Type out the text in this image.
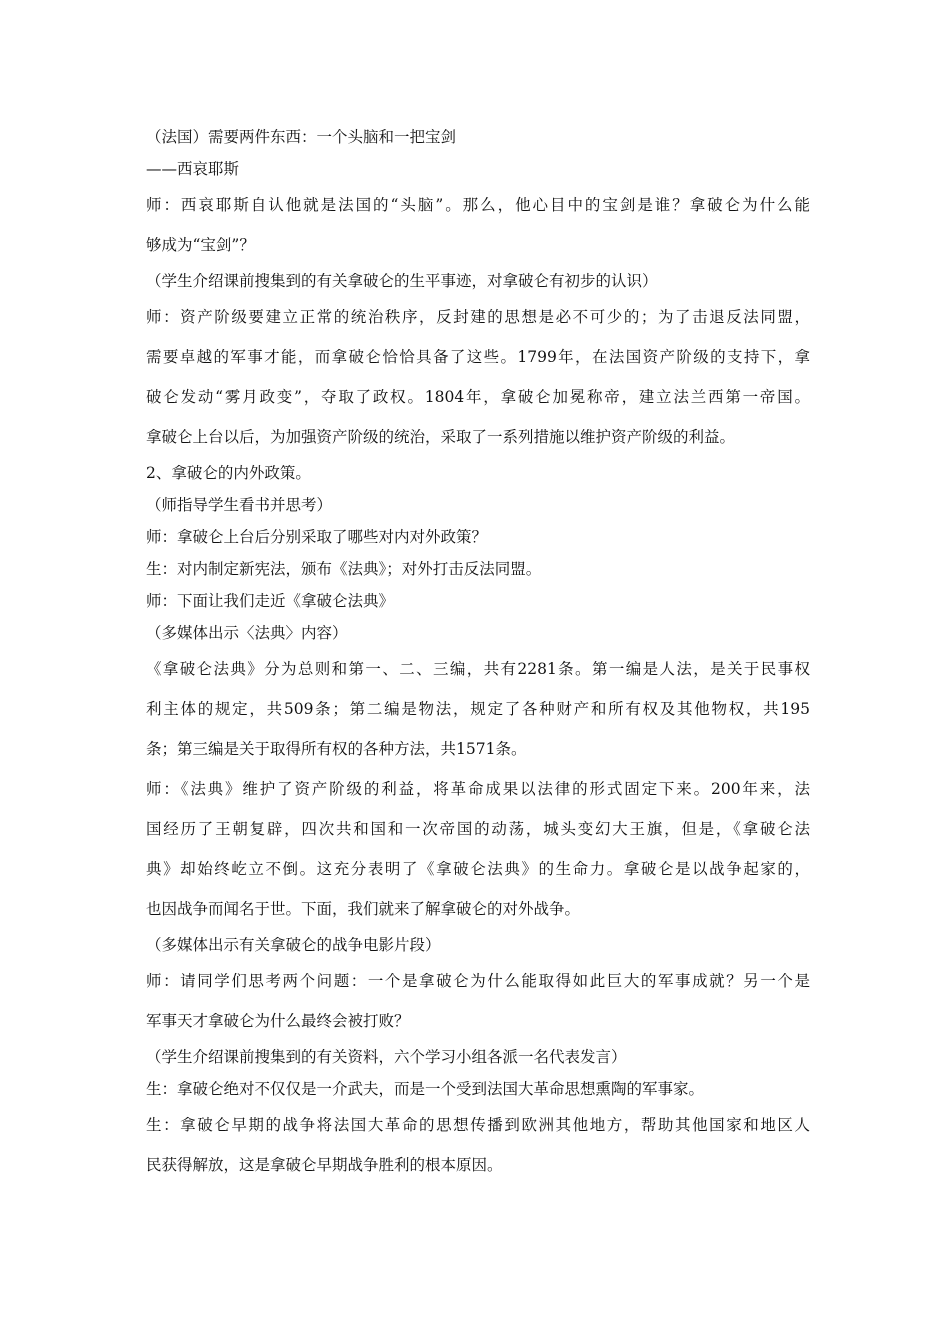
（法国）需要两件东西：一个头脑和一把宝剑
——西哀耶斯
师：西哀耶斯自认他就是法国的“头脑”。那么，他心目中的宝剑是谁？拿破仑为什么能
够成为“宝剑”？
（学生介绍课前搜集到的有关拿破仑的生平事迹，对拿破仑有初步的认识）
师：资产阶级要建立正常的统治秩序，反封建的思想是必不可少的；为了击退反法同盟，
需要卓越的军事才能，而拿破仑恰恰具备了这些。1799年，在法国资产阶级的支持下，拿
破仑发动“雾月政变”，夺取了政权。1804年，拿破仑加冕称帝，建立法兰西第一帝国。
拿破仑上台以后，为加强资产阶级的统治，采取了一系列措施以维护资产阶级的利益。
2、拿破仑的内外政策。
（师指导学生看书并思考）
师：拿破仑上台后分别采取了哪些对内对外政策？
生：对内制定新宪法，颁布《法典》；对外打击反法同盟。
师：下面让我们走近《拿破仑法典》
（多媒体出示〈法典〉内容）
《拿破仑法典》分为总则和第一、二、三编，共有2281条。第一编是人法，是关于民事权
利主体的规定，共509条；第二编是物法，规定了各种财产和所有权及其他物权，共195
条；第三编是关于取得所有权的各种方法，共1571条。
师：《法典》维护了资产阶级的利益，将革命成果以法律的形式固定下来。200年来，法
国经历了王朝复辟，四次共和国和一次帝国的动荡，城头变幻大王旗，但是，《拿破仑法
典》却始终屹立不倒。这充分表明了《拿破仑法典》的生命力。拿破仑是以战争起家的，
也因战争而闻名于世。下面，我们就来了解拿破仑的对外战争。
（多媒体出示有关拿破仑的战争电影片段）
师：请同学们思考两个问题：一个是拿破仑为什么能取得如此巨大的军事成就？另一个是
军事天才拿破仑为什么最终会被打败？
（学生介绍课前搜集到的有关资料，六个学习小组各派一名代表发言）
生：拿破仑绝对不仅仅是一介武夫，而是一个受到法国大革命思想熏陶的军事家。
生：拿破仑早期的战争将法国大革命的思想传播到欧洲其他地方，帮助其他国家和地区人
民获得解放，这是拿破仑早期战争胜利的根本原因。
